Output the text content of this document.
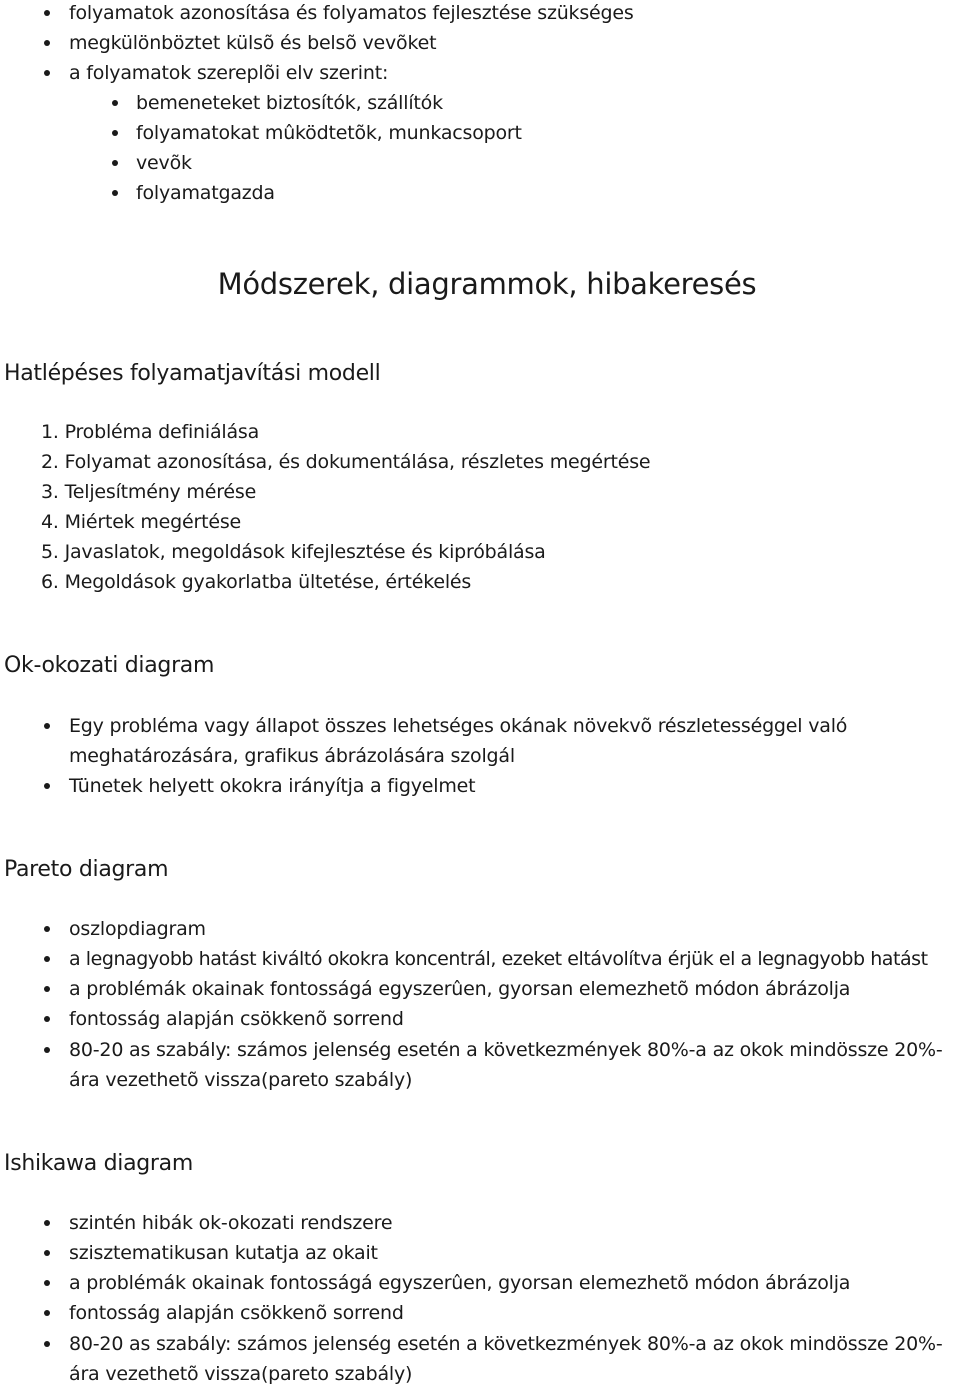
folyamatok azonosítása és folyamatos fejlesztése szükséges
megkülönböztet külsõ és belsõ vevõket
a folyamatok szereplõi elv szerint:
bemeneteket biztosítók, szállítók
folyamatokat mûködtetõk, munkacsoport
vevõk
folyamatgazda
Módszerek, diagrammok, hibakeresés
Hatlépéses folyamatjavítási modell
1. Probléma definiálása
2. Folyamat azonosítása, és dokumentálása, részletes megértése
3. Teljesítmény mérése
4. Miértek megértése
5. Javaslatok, megoldások kifejlesztése és kipróbálása
6. Megoldások gyakorlatba ültetése, értékelés
Ok-okozati diagram
Egy probléma vagy állapot összes lehetséges okának növekvõ részletességgel való
meghatározására, grafikus ábrázolására szolgál
Tünetek helyett okokra irányítja a figyelmet
Pareto diagram
oszlopdiagram
a legnagyobb hatást kiváltó okokra koncentrál, ezeket eltávolítva érjük el a legnagyobb hatást
a problémák okainak fontosságá egyszerûen, gyorsan elemezhetõ módon ábrázolja
fontosság alapján csökkenõ sorrend
80-20 as szabály: számos jelenség esetén a következmények 80%-a az okok mindössze 20%-
ára vezethetõ vissza(pareto szabály)
Ishikawa diagram
szintén hibák ok-okozati rendszere
szisztematikusan kutatja az okait
a problémák okainak fontosságá egyszerûen, gyorsan elemezhetõ módon ábrázolja
fontosság alapján csökkenõ sorrend
80-20 as szabály: számos jelenség esetén a következmények 80%-a az okok mindössze 20%-
ára vezethetõ vissza(pareto szabály)
